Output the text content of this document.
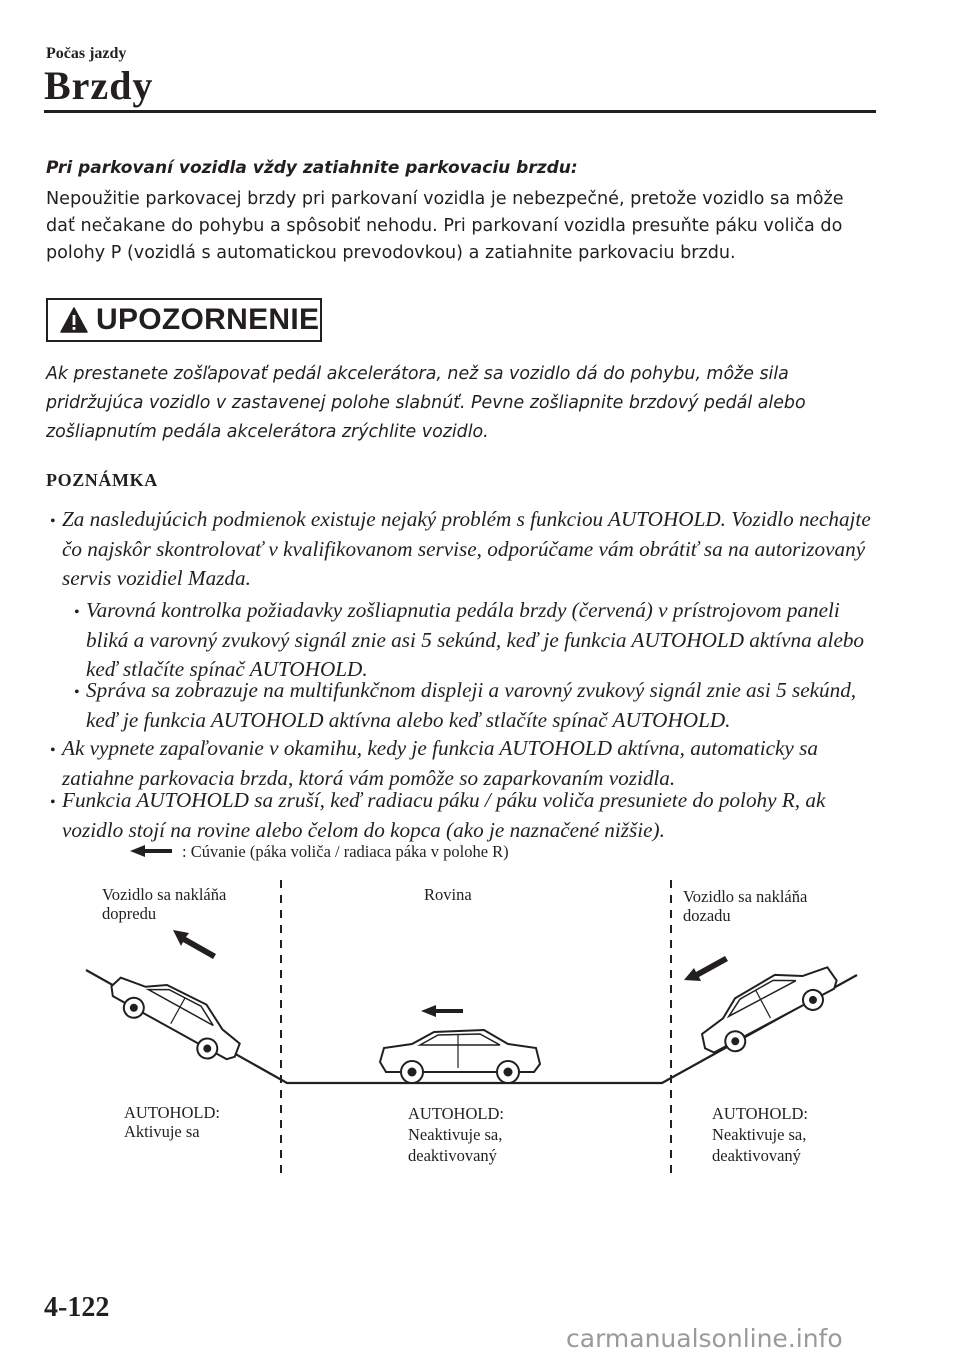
Počas jazdy
Brzdy
Pri parkovaní vozidla vždy zatiahnite parkovaciu brzdu:
Nepoužitie parkovacej brzdy pri parkovaní vozidla je nebezpečné, pretože vozidlo sa môže dať nečakane do pohybu a spôsobiť nehodu. Pri parkovaní vozidla presuňte páku voliča do polohy P (vozidlá s automatickou prevodovkou) a zatiahnite parkovaciu brzdu.
UPOZORNENIE
Ak prestanete zošľapovať pedál akcelerátora, než sa vozidlo dá do pohybu, môže sila pridržujúca vozidlo v zastavenej polohe slabnúť. Pevne zošliapnite brzdový pedál alebo zošliapnutím pedála akcelerátora zrýchlite vozidlo.
POZNÁMKA
• Za nasledujúcich podmienok existuje nejaký problém s funkciou AUTOHOLD. Vozidlo nechajte čo najskôr skontrolovať v kvalifikovanom servise, odporúčame vám obrátiť sa na autorizovaný servis vozidiel Mazda.
• Varovná kontrolka požiadavky zošliapnutia pedála brzdy (červená) v prístrojovom paneli bliká a varovný zvukový signál znie asi 5 sekúnd, keď je funkcia AUTOHOLD aktívna alebo keď stlačíte spínač AUTOHOLD.
• Správa sa zobrazuje na multifunkčnom displeji a varovný zvukový signál znie asi 5 sekúnd, keď je funkcia AUTOHOLD aktívna alebo keď stlačíte spínač AUTOHOLD.
• Ak vypnete zapaľovanie v okamihu, kedy je funkcia AUTOHOLD aktívna, automaticky sa zatiahne parkovacia brzda, ktorá vám pomôže so zaparkovaním vozidla.
• Funkcia AUTOHOLD sa zruší, keď radiacu páku / páku voliča presuniete do polohy R, ak vozidlo stojí na rovine alebo čelom do kopca (ako je naznačené nižšie).
: Cúvanie (páka voliča / radiaca páka v polohe R)
Vozidlo sa nakláňa
dopredu
Rovina	Vozidlo sa nakláňa
dozadu
AUTOHOLD:
Aktivuje sa
AUTOHOLD:
Neaktivuje sa,
deaktivovaný
AUTOHOLD:
Neaktivuje sa,
deaktivovaný
4-122
carmanualsonline.info
